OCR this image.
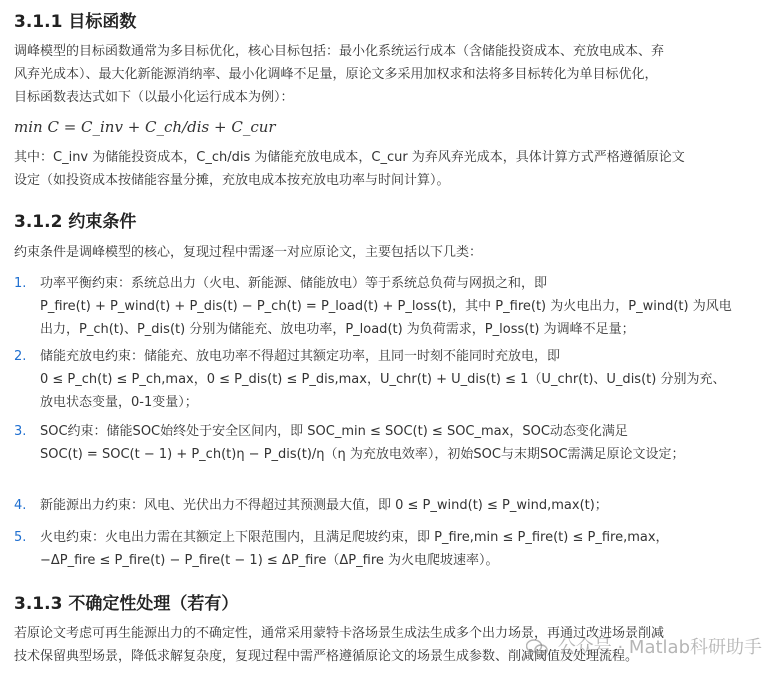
3.1.1 目标函数

调峰模型的目标函数通常为多目标优化，核心目标包括：最小化系统运行成本（含储能投资成本、充放电成本、弃
风弃光成本）、最大化新能源消纳率、最小化调峰不足量，原论文多采用加权求和法将多目标转化为单目标优化，
目标函数表达式如下（以最小化运行成本为例）：

min C = C_inv + C_ch/dis + C_cur

其中：C_inv 为储能投资成本，C_ch/dis 为储能充放电成本，C_cur 为弃风弃光成本，具体计算方式严格遵循原论文
设定（如投资成本按储能容量分摊，充放电成本按充放电功率与时间计算）。

3.1.2 约束条件

约束条件是调峰模型的核心，复现过程中需逐一对应原论文，主要包括以下几类：

1. 功率平衡约束：系统总出力（火电、新能源、储能放电）等于系统总负荷与网损之和，即
P_fire(t) + P_wind(t) + P_dis(t) − P_ch(t) = P_load(t) + P_loss(t)，其中 P_fire(t) 为火电出力，P_wind(t) 为风电
出力，P_ch(t)、P_dis(t) 分别为储能充、放电功率，P_load(t) 为负荷需求，P_loss(t) 为调峰不足量；
2. 储能充放电约束：储能充、放电功率不得超过其额定功率，且同一时刻不能同时充放电，即
0 ≤ P_ch(t) ≤ P_ch,max，0 ≤ P_dis(t) ≤ P_dis,max，U_chr(t) + U_dis(t) ≤ 1（U_chr(t)、U_dis(t) 分别为充、
放电状态变量，0-1变量）；
3. SOC约束：储能SOC始终处于安全区间内，即 SOC_min ≤ SOC(t) ≤ SOC_max，SOC动态变化满足
SOC(t) = SOC(t − 1) + P_ch(t)η − P_dis(t)/η（η 为充放电效率），初始SOC与末期SOC需满足原论文设定；
4. 新能源出力约束：风电、光伏出力不得超过其预测最大值，即 0 ≤ P_wind(t) ≤ P_wind,max(t)；
5. 火电约束：火电出力需在其额定上下限范围内，且满足爬坡约束，即 P_fire,min ≤ P_fire(t) ≤ P_fire,max，
−ΔP_fire ≤ P_fire(t) − P_fire(t − 1) ≤ ΔP_fire（ΔP_fire 为火电爬坡速率）。
3.1.3 不确定性处理（若有）

若原论文考虑可再生能源出力的不确定性，通常采用蒙特卡洛场景生成法生成多个出力场景，再通过改进场景削减
技术保留典型场景，降低求解复杂度，复现过程中需严格遵循原论文的场景生成参数、削减阈值及处理流程。

公众号 · Matlab科研助手
